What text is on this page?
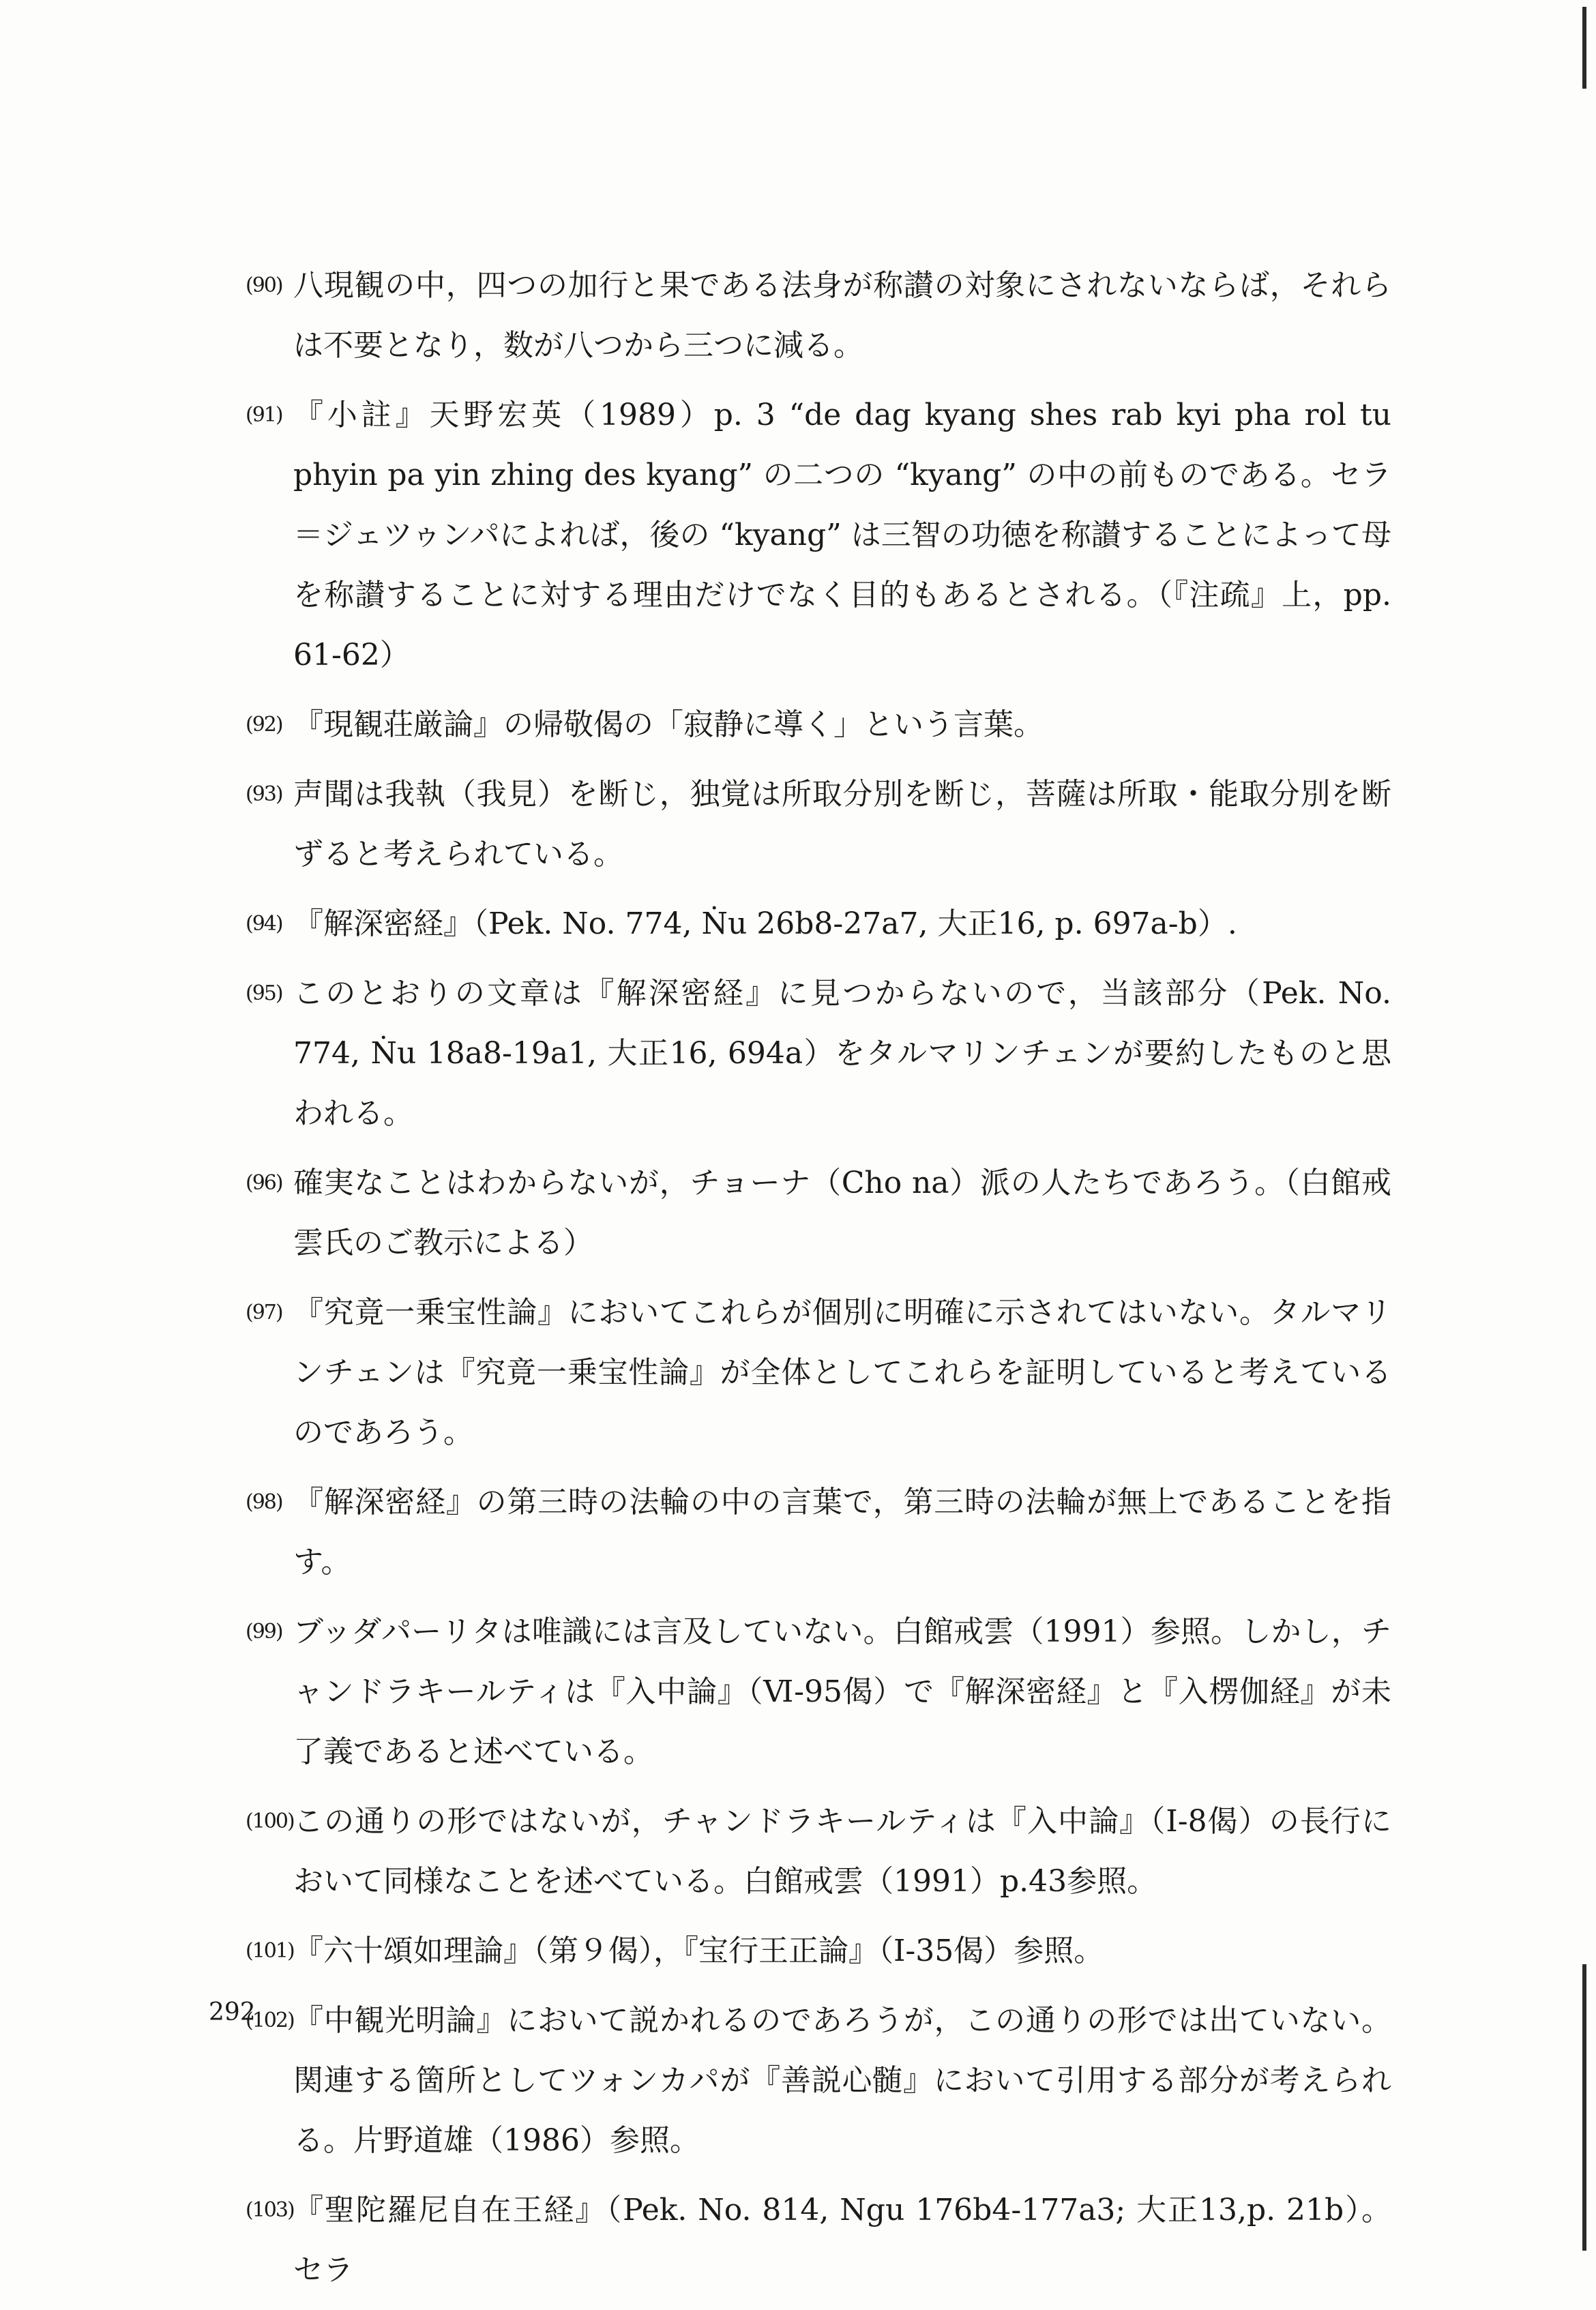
( 90 ) 八現観の中，四つの加行と果である法身が称讃の対象にされないならば，それらは不要となり，数が八つから三つに減る。
( 91 ) 『小註』天野宏英（1989）p. 3 “de dag kyang shes rab kyi pha rol tu phyin pa yin zhing des kyang” の二つの “kyang” の中の前ものである。セラ＝ジェツゥンパによれば，後の “kyang” は三智の功徳を称讃することによって母を称讃することに対する理由だけでなく目的もあるとされる。（『注疏』上，pp. 61-62）
( 92 ) 『現観荘厳論』の帰敬偈の「寂静に導く」という言葉。
( 93 ) 声聞は我執（我見）を断じ，独覚は所取分別を断じ，菩薩は所取・能取分別を断ずると考えられている。
( 94 ) 『解深密経』（Pek. No. 774, Ṅu 26b8-27a7, 大正16, p. 697a-b）.
( 95 ) このとおりの文章は『解深密経』に見つからないので，当該部分（Pek. No. 774, Ṅu 18a8-19a1, 大正16, 694a）をタルマリンチェンが要約したものと思われる。
( 96 ) 確実なことはわからないが，チョーナ（Cho na）派の人たちであろう。（白館戒雲氏のご教示による）
( 97 ) 『究竟一乗宝性論』においてこれらが個別に明確に示されてはいない。タルマリンチェンは『究竟一乗宝性論』が全体としてこれらを証明していると考えているのであろう。
( 98 ) 『解深密経』の第三時の法輪の中の言葉で，第三時の法輪が無上であることを指す。
( 99 ) ブッダパーリタは唯識には言及していない。白館戒雲（1991）参照。しかし，チャンドラキールティは『入中論』（Ⅵ-95偈）で『解深密経』と『入楞伽経』が未了義であると述べている。
( 100 ) この通りの形ではないが，チャンドラキールティは『入中論』（I-8偈）の長行において同様なことを述べている。白館戒雲（1991）p.43参照。
( 101 ) 『六十頌如理論』（第９偈），『宝行王正論』（I-35偈）参照。
( 102 ) 『中観光明論』において説かれるのであろうが，この通りの形では出ていない。関連する箇所としてツォンカパが『善説心髄』において引用する部分が考えられる。片野道雄（1986）参照。
( 103 ) 『聖陀羅尼自在王経』（Pek. No. 814, Ngu 176b4-177a3; 大正13,p. 21b）。セラ
292
